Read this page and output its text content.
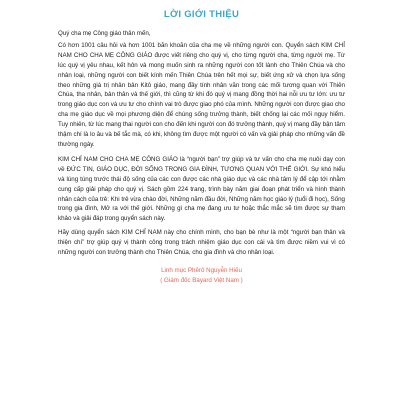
LỜI GIỚI THIỆU

Quý cha mẹ Công giáo thân mến,

Có hơn 1001 câu hỏi và hơn 1001 băn khoăn của cha mẹ về những người con. Quyển sách KIM CHỈ NAM CHO CHA MẸ CÔNG GIÁO được viết riêng cho quý vị, cho từng người cha, từng người mẹ. Từ lúc quý vị yêu nhau, kết hôn và mong muốn sinh ra những người con tốt lành cho Thiên Chúa và cho nhân loại, những người con biết kính mến Thiên Chúa trên hết mọi sự, biết ứng xử và chọn lựa sống theo những giá trị nhân bản Kitô giáo, mang đầy tính nhân văn trong các mối tương quan với Thiên Chúa, tha nhân, bản thân và thế giới, thì cũng từ khi đó quý vị mang đồng thời hai nỗi ưu tư lớn: ưu tư trong giáo dục con và ưu tư cho chính vai trò được giao phó của mình. Những người con được giao cho cha mẹ giáo dục về mọi phương diện để chúng sống trưởng thành, biết chống lại các mối nguy hiểm. Tuy nhiên, từ lúc mang thai người con cho đến khi người con đó trưởng thành, quý vị mang đầy bận tâm thậm chí là lo âu và bế tắc mà, có khi, không tìm được một người có vấn và giải pháp cho những vấn đề thường ngày.

KIM CHỈ NAM CHO CHA MẸ CÔNG GIÁO là “người bạn” trợ giúp và tư vấn cho cha mẹ nuôi dạy con về ĐỨC TIN, GIÁO DỤC, ĐỜI SỐNG TRONG GIA ĐÌNH, TƯƠNG QUAN VỚI THẾ GIỚI. Sự khó hiểu và lúng túng trước thái độ sống của các con được các nhà giáo dục và các nhà tâm lý để cập tới nhằm cung cấp giải pháp cho quý vị. Sách gồm 224 trang, trình bày năm giai đoạn phát triển và hình thành nhân cách của trẻ: Khi trẻ vừa chào đời, Những năm đầu đời, Những năm học giáo lý (tuổi đi học), Sống trong gia đình, Mở ra với thế giới. Những gì cha mẹ đang ưu tư hoặc thắc mắc sẽ tìm được sự tham khảo và giải đáp trong quyển sách này.

Hãy dùng quyển sách KIM CHỈ NAM này cho chính mình, cho bạn bè như là một “người bạn thân và thiện chí” trợ giúp quý vị thành công trong trách nhiệm giáo dục con cái và tìm được niềm vui vì có những người con trưởng thành cho Thiên Chúa, cho gia đình và cho nhân loại.

Linh mục Phêrô Nguyễn Hiếu
( Giám đốc Bayard Việt Nam )
